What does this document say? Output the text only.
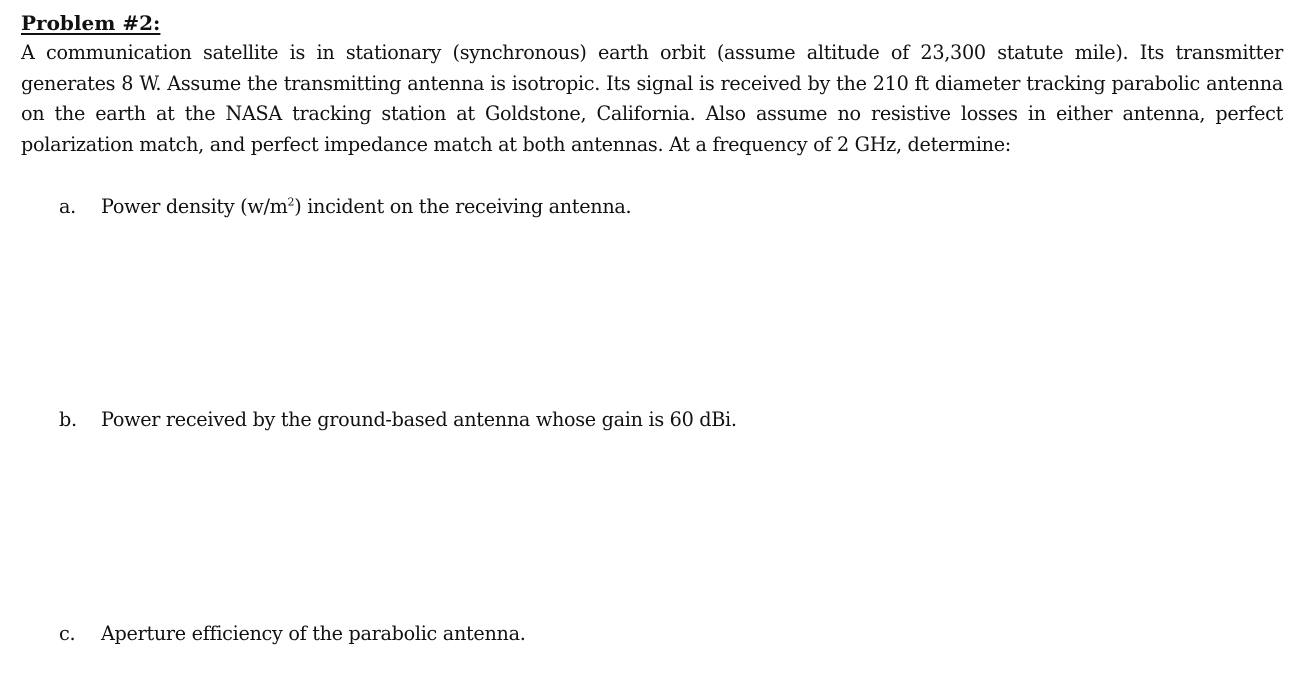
Problem #2:

A communication satellite is in stationary (synchronous) earth orbit (assume altitude of 23,300 statute mile). Its transmitter generates 8 W. Assume the transmitting antenna is isotropic. Its signal is received by the 210 ft diameter tracking parabolic antenna on the earth at the NASA tracking station at Goldstone, California. Also assume no resistive losses in either antenna, perfect polarization match, and perfect impedance match at both antennas. At a frequency of 2 GHz, determine:

a. Power density $(w/m^2)$ incident on the receiving antenna.
b. Power received by the ground-based antenna whose gain is 60 dBi.
c. Aperture efficiency of the parabolic antenna.
